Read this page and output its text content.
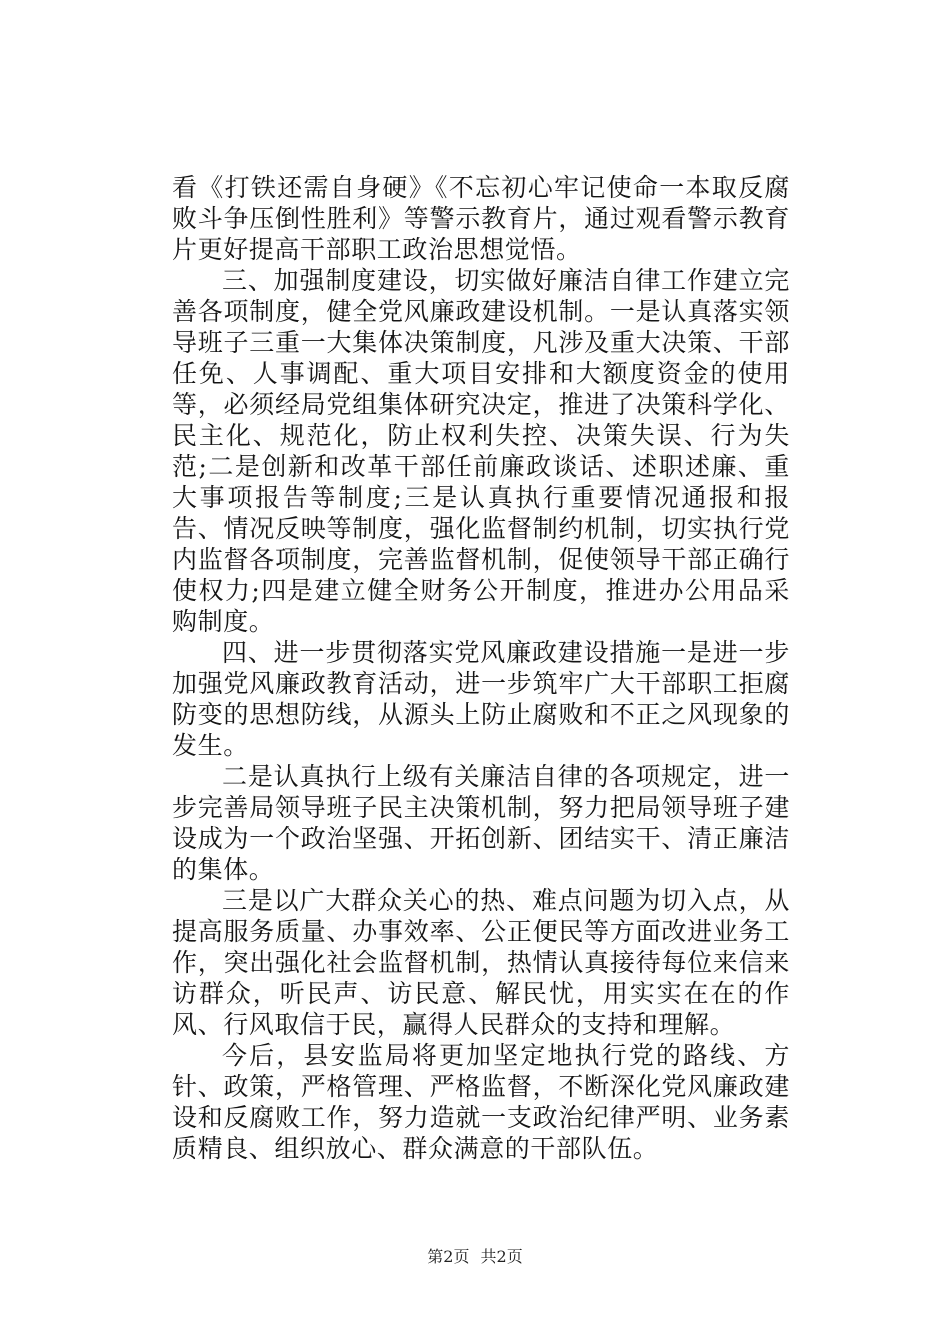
看《打铁还需自身硬》《不忘初心牢记使命一本取反腐败斗争压倒性胜利》等警示教育片，通过观看警示教育片更好提高干部职工政治思想觉悟。

三、加强制度建设，切实做好廉洁自律工作建立完善各项制度，健全党风廉政建设机制。一是认真落实领导班子三重一大集体决策制度，凡涉及重大决策、干部任免、人事调配、重大项目安排和大额度资金的使用等，必须经局党组集体研究决定，推进了决策科学化、民主化、规范化，防止权利失控、决策失误、行为失范;二是创新和改革干部任前廉政谈话、述职述廉、重大事项报告等制度;三是认真执行重要情况通报和报告、情况反映等制度，强化监督制约机制，切实执行党内监督各项制度，完善监督机制，促使领导干部正确行使权力;四是建立健全财务公开制度，推进办公用品采购制度。

四、进一步贯彻落实党风廉政建设措施一是进一步加强党风廉政教育活动，进一步筑牢广大干部职工拒腐防变的思想防线，从源头上防止腐败和不正之风现象的发生。

二是认真执行上级有关廉洁自律的各项规定，进一步完善局领导班子民主决策机制，努力把局领导班子建设成为一个政治坚强、开拓创新、团结实干、清正廉洁的集体。

三是以广大群众关心的热、难点问题为切入点，从提高服务质量、办事效率、公正便民等方面改进业务工作，突出强化社会监督机制，热情认真接待每位来信来访群众，听民声、访民意、解民忧，用实实在在的作风、行风取信于民，赢得人民群众的支持和理解。

今后，县安监局将更加坚定地执行党的路线、方针、政策，严格管理、严格监督，不断深化党风廉政建设和反腐败工作，努力造就一支政治纪律严明、业务素质精良、组织放心、群众满意的干部队伍。

第2页 共2页
